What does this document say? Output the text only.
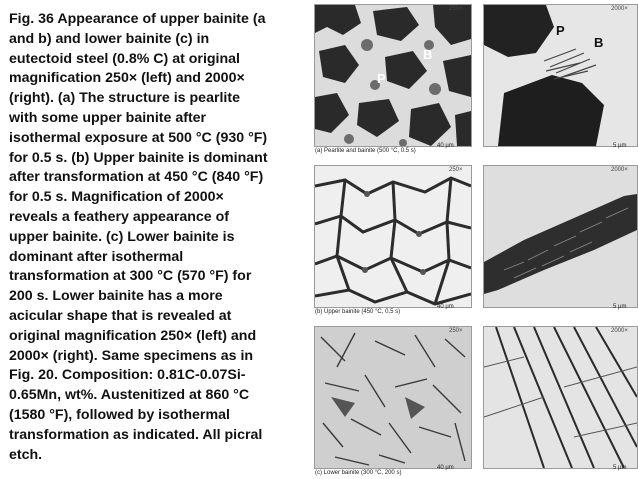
Fig. 36 Appearance of upper bainite (a
and b) and lower bainite (c) in
eutectoid steel (0.8% C) at original
magnification 250× (left) and 2000×
(right). (a) The structure is pearlite
with some upper bainite after
isothermal exposure at 500 °C (930 °F)
for 0.5 s. (b) Upper bainite is dominant
after transformation at 450 °C (840 °F)
for 0.5 s. Magnification of 2000×
reveals a feathery appearance of
upper bainite. (c) Lower bainite is
dominant after isothermal
transformation at 300 °C (570 °F) for
200 s. Lower bainite has a more
acicular shape that is revealed at
original magnification 250× (left) and
2000× (right). Same specimens as in
Fig. 20. Composition: 0.81C-0.07Si-
0.65Mn, wt%. Austenitized at 860 °C
(1580 °F), followed by isothermal
transformation as indicated. All picral
etch.
P
B
250×
P
B
2000×
(a) Pearlite and bainite (500 °C, 0.5 s)
40 µm	5 µm
250×	2000×
(b) Upper bainite (450 °C, 0.5 s)
40 µm	5 µm
250×	2000×
(c) Lower bainite (300 °C, 200 s)
40 µm	5 µm
